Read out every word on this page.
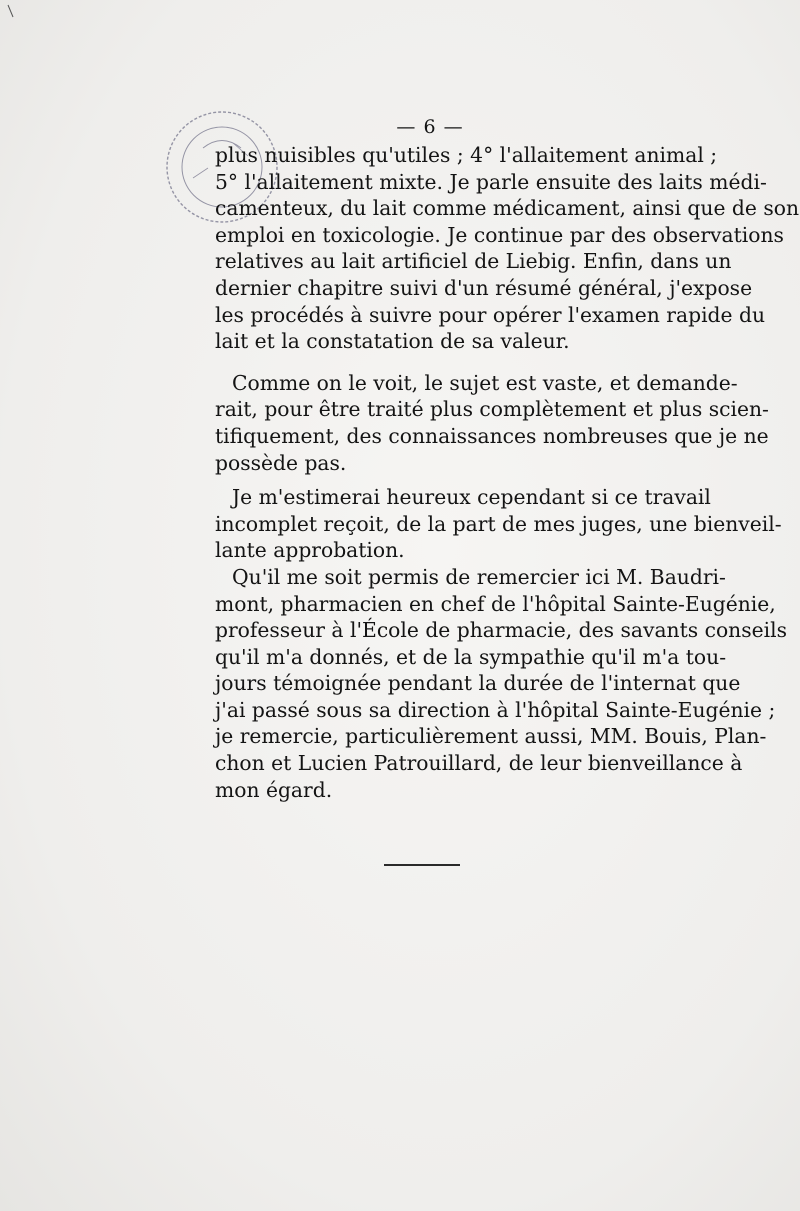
— 6 —
plus nuisibles qu'utiles ; 4° l'allaitement animal ;
5° l'allaitement mixte. Je parle ensuite des laits médi-
camenteux, du lait comme médicament, ainsi que de son
emploi en toxicologie. Je continue par des observations
relatives au lait artificiel de Liebig. Enfin, dans un
dernier chapitre suivi d'un résumé général, j'expose
les procédés à suivre pour opérer l'examen rapide du
lait et la constatation de sa valeur.
Comme on le voit, le sujet est vaste, et demande-
rait, pour être traité plus complètement et plus scien-
tifiquement, des connaissances nombreuses que je ne
possède pas.
Je m'estimerai heureux cependant si ce travail
incomplet reçoit, de la part de mes juges, une bienveil-
lante approbation.
Qu'il me soit permis de remercier ici M. Baudri-
mont, pharmacien en chef de l'hôpital Sainte-Eugénie,
professeur à l'École de pharmacie, des savants conseils
qu'il m'a donnés, et de la sympathie qu'il m'a tou-
jours témoignée pendant la durée de l'internat que
j'ai passé sous sa direction à l'hôpital Sainte-Eugénie ;
je remercie, particulièrement aussi, MM. Bouis, Plan-
chon et Lucien Patrouillard, de leur bienveillance à
mon égard.
